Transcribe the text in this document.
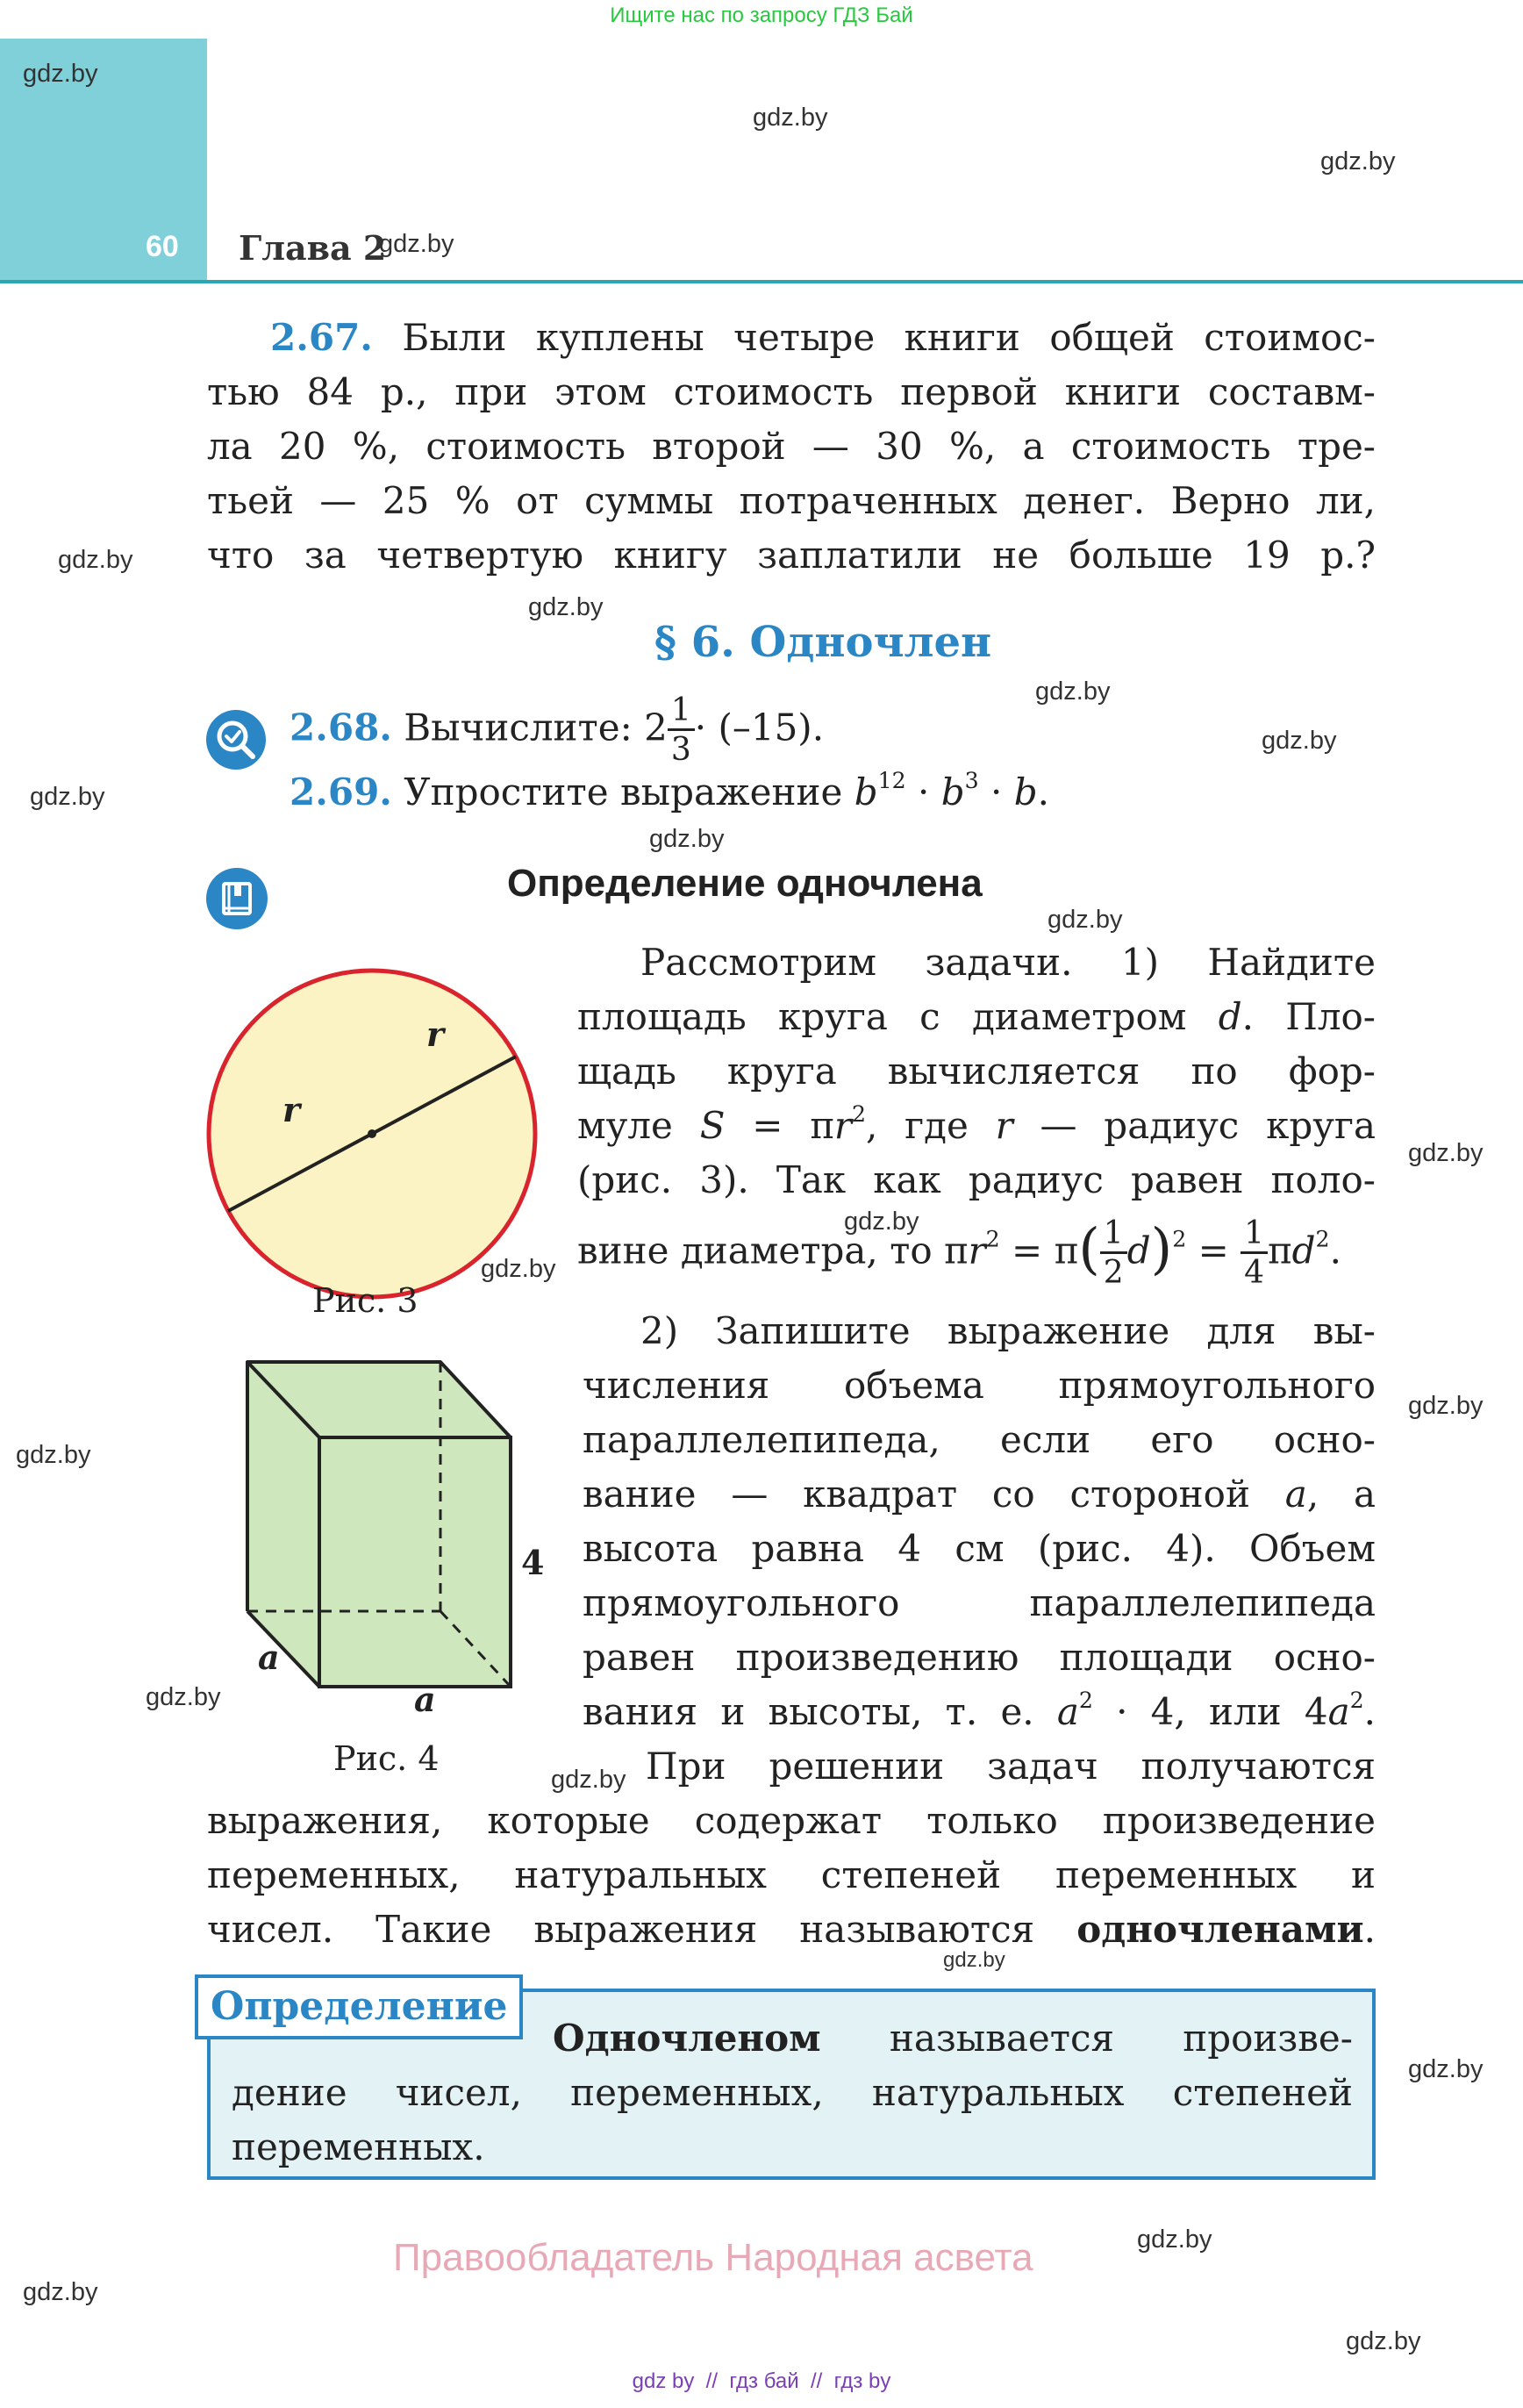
60 Глава 2
Ищите нас по запросу ГДЗ Бай
gdz by  //  гдз бай  //  гдз by
Правообладатель Народная асвета
gdz.by
gdz.by
gdz.by
gdz.by
gdz.by
gdz.by
gdz.by
gdz.by
gdz.by
gdz.by
gdz.by
gdz.by
gdz.by
gdz.by
gdz.by
gdz.by
gdz.by
gdz.by
gdz.by
gdz.by
gdz.by
gdz.by
gdz.by
2.67. Были куплены четыре книги общей стоимос-
тью 84 р., при этом стоимость первой книги составм-
ла 20 %, стоимость второй — 30 %, а стоимость тре-
тьей — 25 % от суммы потраченных денег. Верно ли,
что за четвертую книгу заплатили не больше 19 р.?
§ 6. Одночлен
2.68. Вычислите: $2 \frac{1}{3} \cdot (-15)$.
2.69. Упростите выражение $b^{12} \cdot b^3 \cdot b$.
Определение одночлена
r
r
Рис. 3
a
a
4
Рис. 4
Рассмотрим задачи. 1) Найдите
площадь круга с диаметром d. Пло-
щадь круга вычисляется по фор-
муле $S = \pi r^2$, где r — радиус круга
(рис. 3). Так как радиус равен поло-
вине диаметра, то $\pi r^2 = \pi( \frac{1}{2} d)^2 = \frac{1}{4} \pi d^2$.
2) Запишите выражение для вы-
числения объема прямоугольного
параллелепипеда, если его осно-
вание — квадрат со стороной a, а
высота равна 4 см (рис. 4). Объем
прямоугольного параллелепипеда
равен произведению площади осно-
вания и высоты, т. е. $a^2 \cdot 4$, или $4a^2$.
При решении задач получаются
выражения, которые содержат только произведение
переменных, натуральных степеней переменных и
чисел. Такие выражения называются одночленами.
Определение
Одночленом называется произве-
дение чисел, переменных, натуральных степеней
переменных.
